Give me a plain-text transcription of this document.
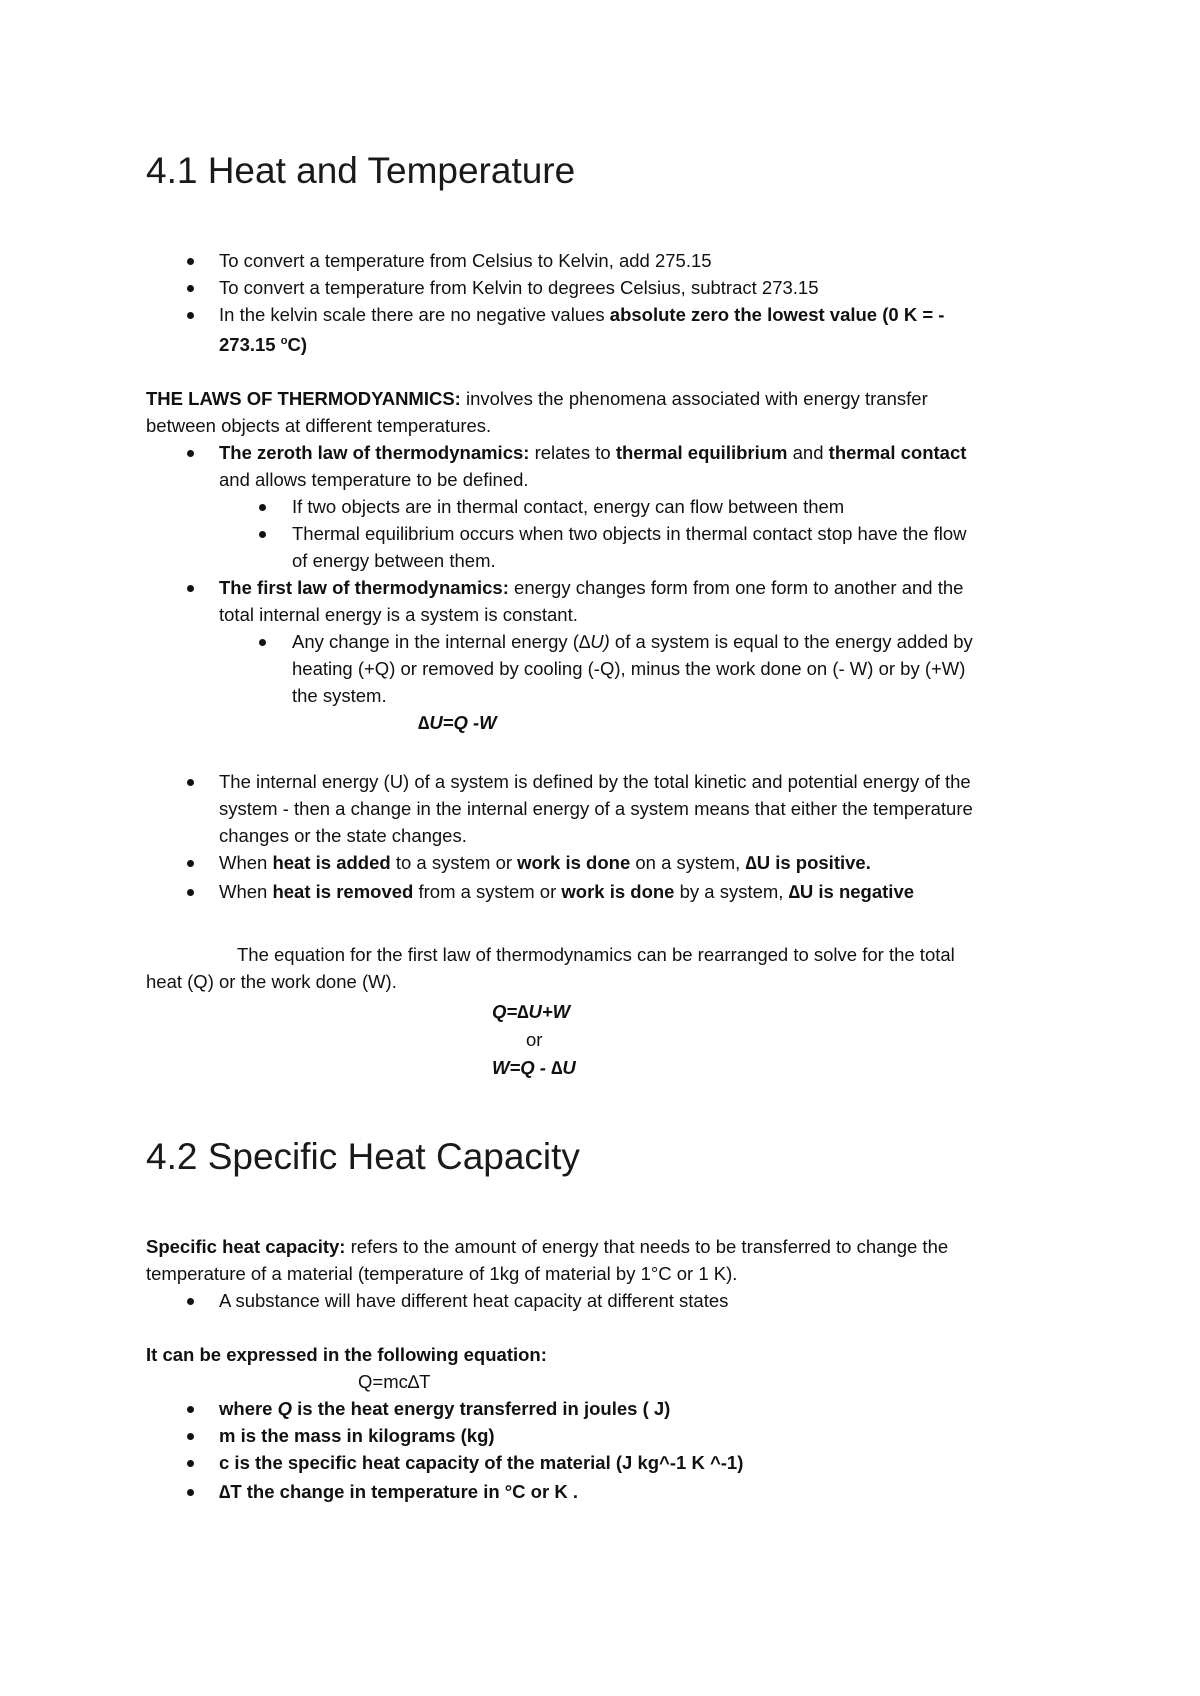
4.1 Heat and Temperature
To convert a temperature from Celsius to Kelvin, add 275.15
To convert a temperature from Kelvin to degrees Celsius, subtract 273.15
In the kelvin scale there are no negative values absolute zero the lowest value (0 K = -
273.15 $^o$C)
THE LAWS OF THERMODYANMICS: involves the phenomena associated with energy transfer
between objects at different temperatures.
The zeroth law of thermodynamics: relates to thermal equilibrium and thermal contact
and allows temperature to be defined.
If two objects are in thermal contact, energy can flow between them
Thermal equilibrium occurs when two objects in thermal contact stop have the flow
of energy between them.
The first law of thermodynamics: energy changes form from one form to another and the
total internal energy is a system is constant.
Any change in the internal energy (∆U) of a system is equal to the energy added by
heating (+Q) or removed by cooling (-Q), minus the work done on (- W) or by (+W)
the system.
∆U=Q -W
The internal energy (U) of a system is defined by the total kinetic and potential energy of the
system - then a change in the internal energy of a system means that either the temperature
changes or the state changes.
When heat is added to a system or work is done on a system, ∆U is positive.
When heat is removed from a system or work is done by a system, ∆U is negative
The equation for the first law of thermodynamics can be rearranged to solve for the total
heat (Q) or the work done (W).
Q=∆U+W
or
W=Q - ∆U
4.2 Specific Heat Capacity
Specific heat capacity: refers to the amount of energy that needs to be transferred to change the
temperature of a material (temperature of 1kg of material by 1°C or 1 K).
A substance will have different heat capacity at different states
It can be expressed in the following equation:
Q=mc∆T
where Q is the heat energy transferred in joules ( J)
m is the mass in kilograms (kg)
c is the specific heat capacity of the material (J kg^-1 K ^-1)
∆T the change in temperature in °C or K .
